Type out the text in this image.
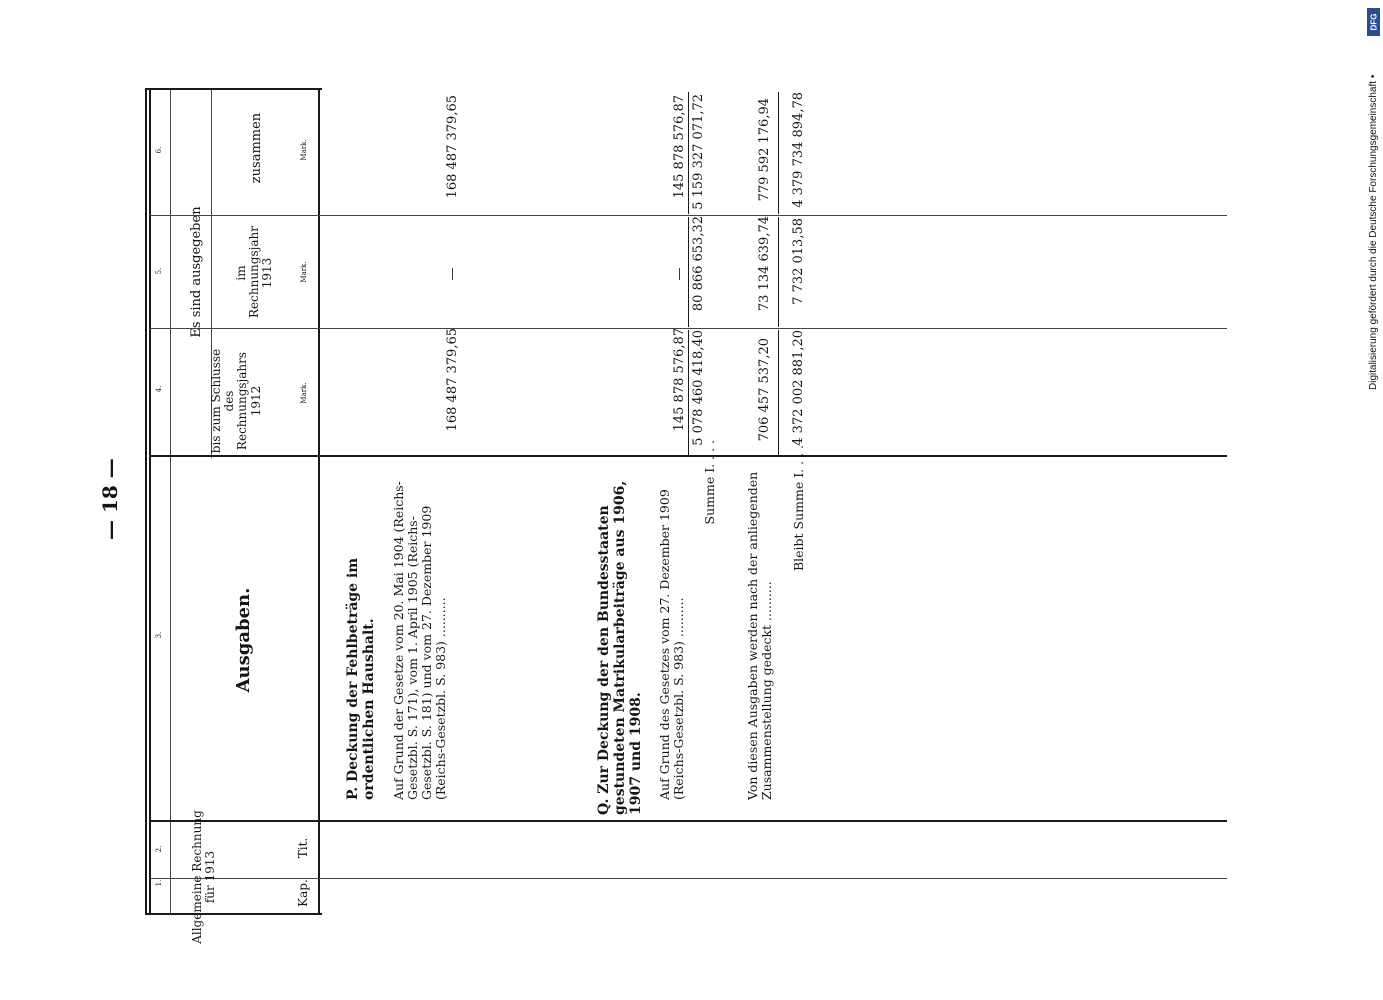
— 18 —
1.
2.
3.
4.
5.
6.
Allgemeine Rechnung für 1913	Kap.
Tit.
Ausgaben.
Es sind ausgegeben
bis zum Schlusse des Rechnungsjahrs 1912
im Rechnungsjahr 1913
zusammen
Mark.
Mark.
Mark.
P. Deckung der Fehlbeträge im ordentlichen Haushalt. Auf Grund der Gesetze vom 20. Mai 1904 (Reichs-Gesetzbl. S. 171), vom 1. April 1905 (Reichs-Gesetzbl. S. 181) und vom 27. Dezember 1909 (Reichs-Gesetzbl. S. 983) ..........
168 487 379,65
—
168 487 379,65
Q. Zur Deckung der den Bundesstaaten gestundeten Matrikularbeiträge aus 1906, 1907 und 1908. Auf Grund des Gesetzes vom 27. Dezember 1909 (Reichs-Gesetzbl. S. 983) ..........
145 878 576,87
—
145 878 576,87
Summe I. . . .
5 078 460 418,40
80 866 653,32
5 159 327 071,72
Von diesen Ausgaben werden nach der anliegenden Zusammenstellung gedeckt ..........
706 457 537,20
73 134 639,74
779 592 176,94
Bleibt Summe I. . . .
4 372 002 881,20
7 732 013,58
4 379 734 894,78	Digitalisierung gefördert durch die Deutsche Forschungsgemeinschaft •
DFG
